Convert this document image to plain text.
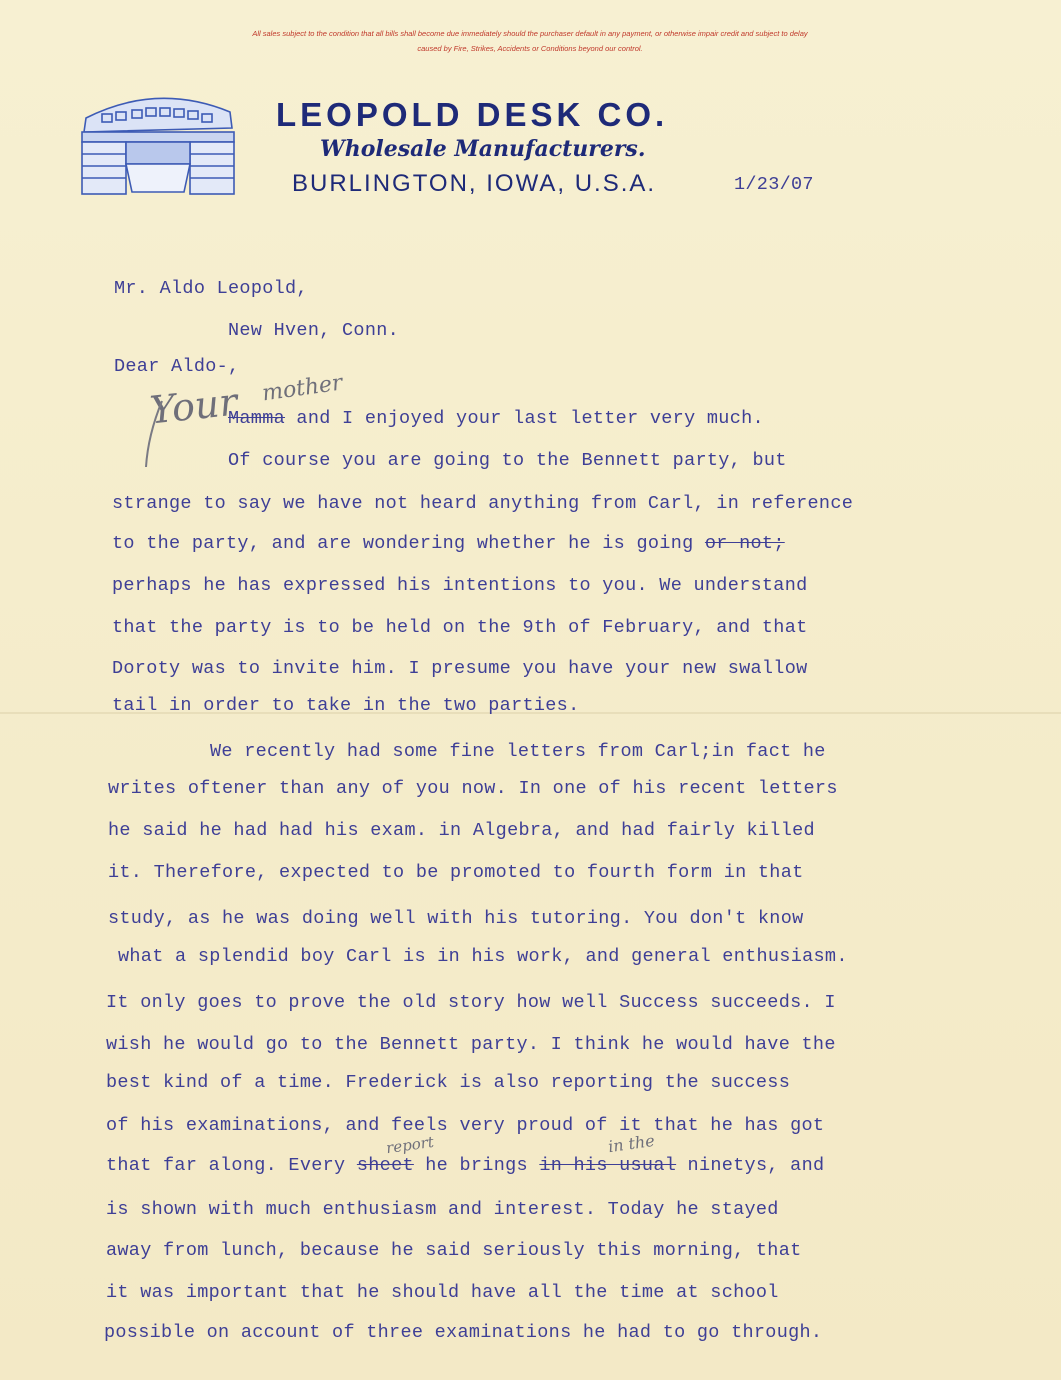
All sales subject to the condition that all bills shall become due immediately should the purchaser default in any payment, or otherwise impair credit and subject to delay
caused by Fire, Strikes, Accidents or Conditions beyond our control.
LEOPOLD DESK CO.
Wholesale Manufacturers.
BURLINGTON, IOWA, U.S.A.	1/23/07
Mr. Aldo Leopold,
New Hven, Conn.
Dear Aldo-,
Your mother
Mamma and I enjoyed your last letter very much.
Of course you are going to the Bennett party, but
strange to say we have not heard anything from Carl, in reference
to the party, and are wondering whether he is going or not;
perhaps he has expressed his intentions to you. We understand
that the party is to be held on the 9th of February, and that
Doroty was to invite him. I presume you have your new swallow
tail in order to take in the two parties.
We recently had some fine letters from Carl;in fact he
writes oftener than any of you now. In one of his recent letters
he said he had had his exam. in Algebra, and had fairly killed
it. Therefore, expected to be promoted to fourth form in that
study, as he was doing well with his tutoring. You don't know
what a splendid boy Carl is in his work, and general enthusiasm.
It only goes to prove the old story how well Success succeeds. I
wish he would go to the Bennett party. I think he would have the
best kind of a time. Frederick is also reporting the success
of his examinations, and feels very proud of it that he has got
report	in the
that far along. Every sheet he brings in his usual ninetys, and
is shown with much enthusiasm and interest. Today he stayed
away from lunch, because he said seriously this morning, that
it was important that he should have all the time at school
possible on account of three examinations he had to go through.
